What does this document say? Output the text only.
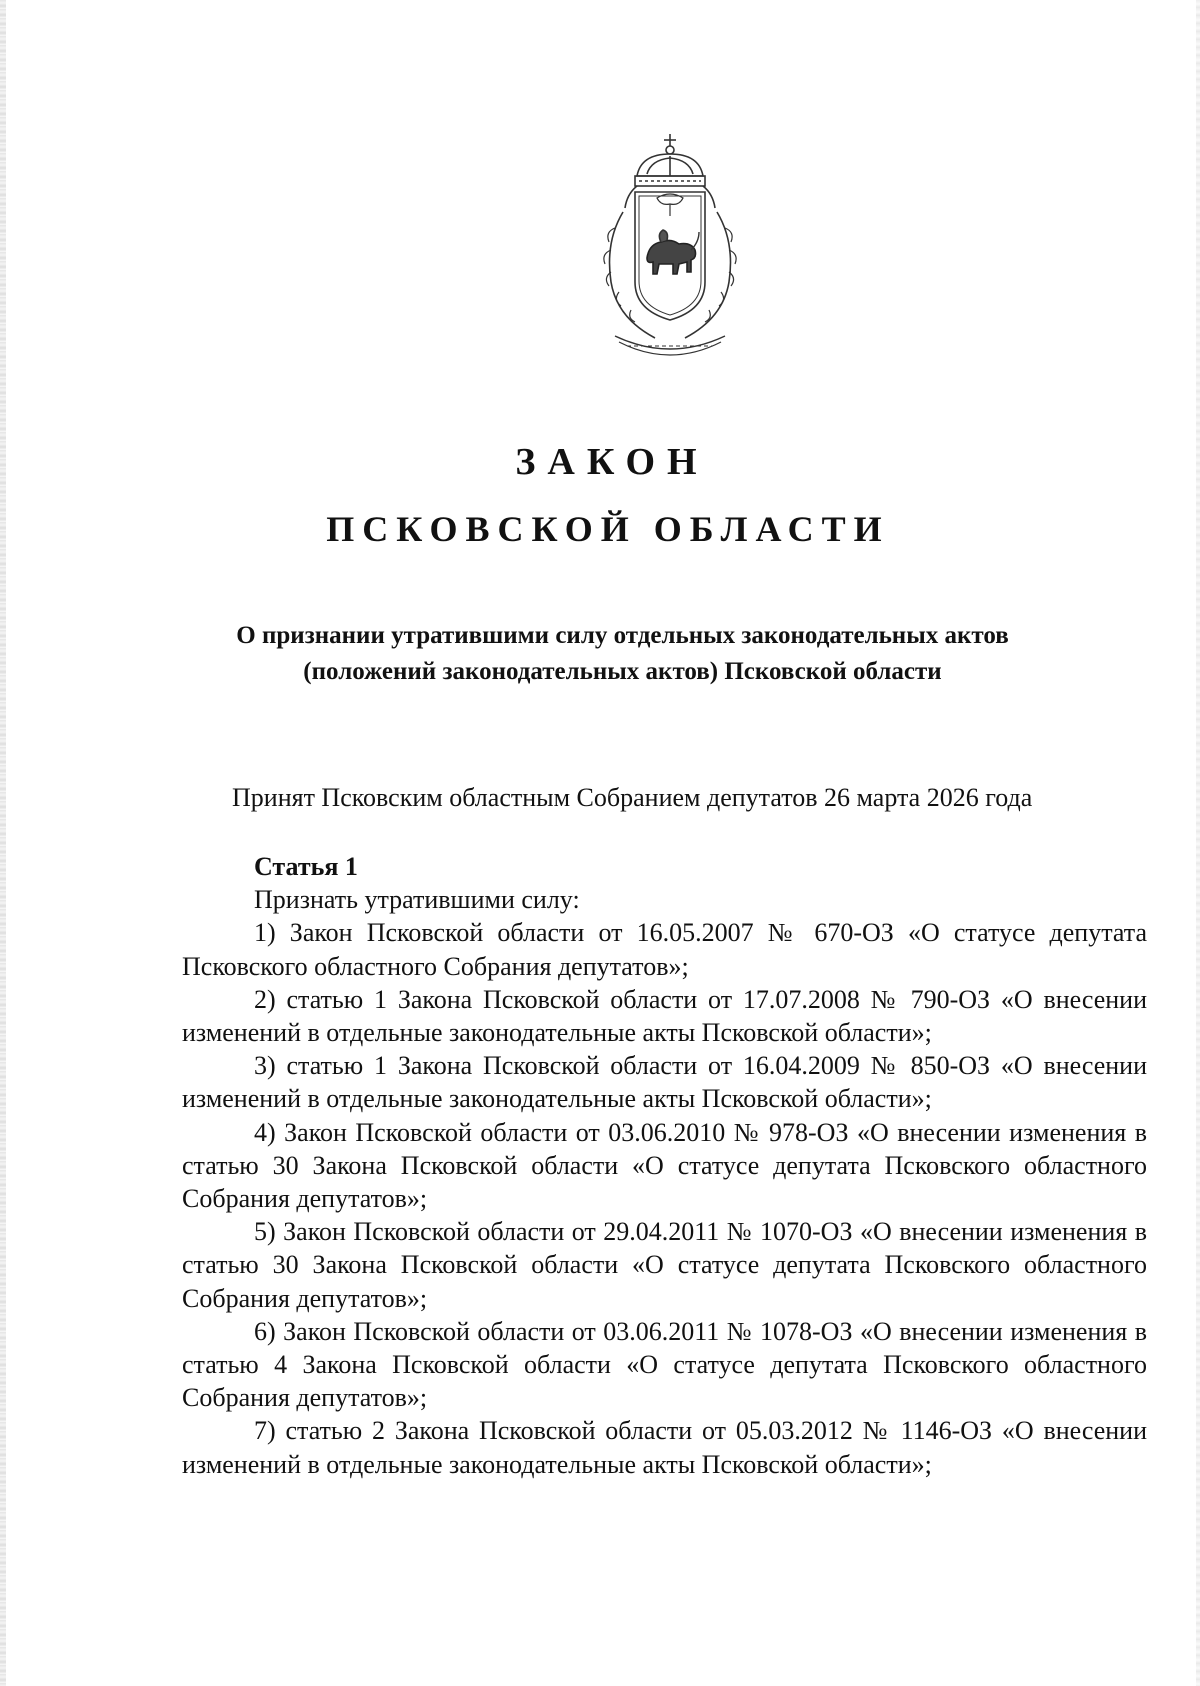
ЗАКОН
ПСКОВСКОЙ ОБЛАСТИ
О признании утратившими силу отдельных законодательных актов
(положений законодательных актов) Псковской области

Принят Псковским областным Собранием депутатов 26 марта 2026 года

Статья 1

Признать утратившими силу:

1) Закон Псковской области от 16.05.2007 № 670-ОЗ «О статусе депутата Псковского областного Собрания депутатов»;

2) статью 1 Закона Псковской области от 17.07.2008 № 790-ОЗ «О внесении изменений в отдельные законодательные акты Псковской области»;

3) статью 1 Закона Псковской области от 16.04.2009 № 850-ОЗ «О внесении изменений в отдельные законодательные акты Псковской области»;

4) Закон Псковской области от 03.06.2010 № 978-ОЗ «О внесении изменения в статью 30 Закона Псковской области «О статусе депутата Псковского областного Собрания депутатов»;

5) Закон Псковской области от 29.04.2011 № 1070-ОЗ «О внесении изменения в статью 30 Закона Псковской области «О статусе депутата Псковского областного Собрания депутатов»;

6) Закон Псковской области от 03.06.2011 № 1078-ОЗ «О внесении изменения в статью 4 Закона Псковской области «О статусе депутата Псковского областного Собрания депутатов»;

7) статью 2 Закона Псковской области от 05.03.2012 № 1146-ОЗ «О внесении изменений в отдельные законодательные акты Псковской области»;
